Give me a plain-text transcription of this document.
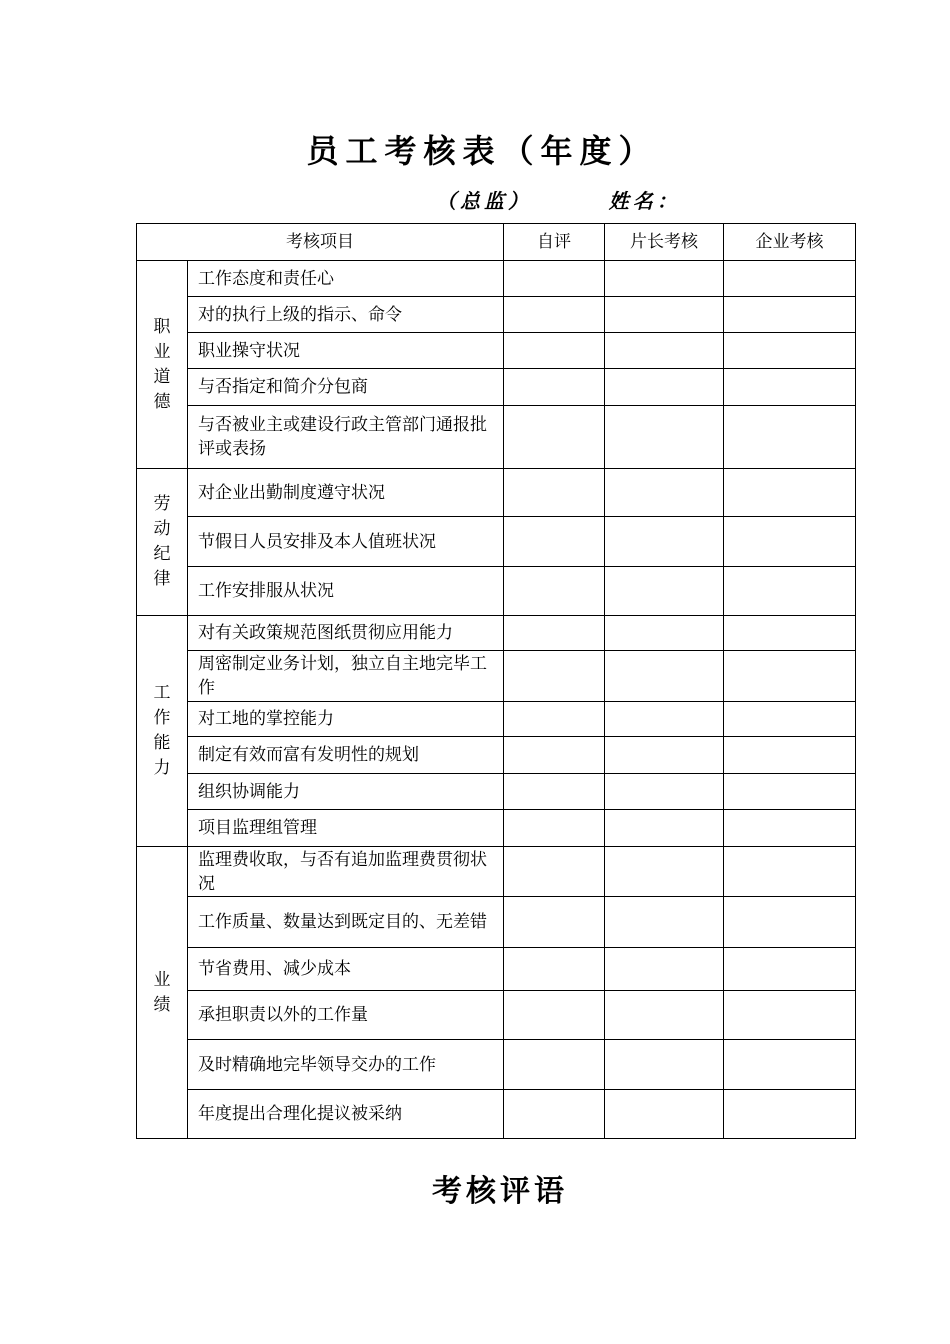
员工考核表（年度）
（总监）       姓名：
考核项目		自评	片长考核	企业考核
职业道德	工作态度和责任心			
	对的执行上级的指示、命令			
	职业操守状况			
	与否指定和简介分包商			
	与否被业主或建设行政主管部门通报批评或表扬			
劳动纪律	对企业出勤制度遵守状况			
	节假日人员安排及本人值班状况			
	工作安排服从状况			
工作能力	对有关政策规范图纸贯彻应用能力			
	周密制定业务计划，独立自主地完毕工作			
	对工地的掌控能力			
	制定有效而富有发明性的规划			
	组织协调能力			
	项目监理组管理			
业绩	监理费收取，与否有追加监理费贯彻状况			
	工作质量、数量达到既定目的、无差错			
	节省费用、减少成本			
	承担职责以外的工作量			
	及时精确地完毕领导交办的工作			
	年度提出合理化提议被采纳			
考核评语
